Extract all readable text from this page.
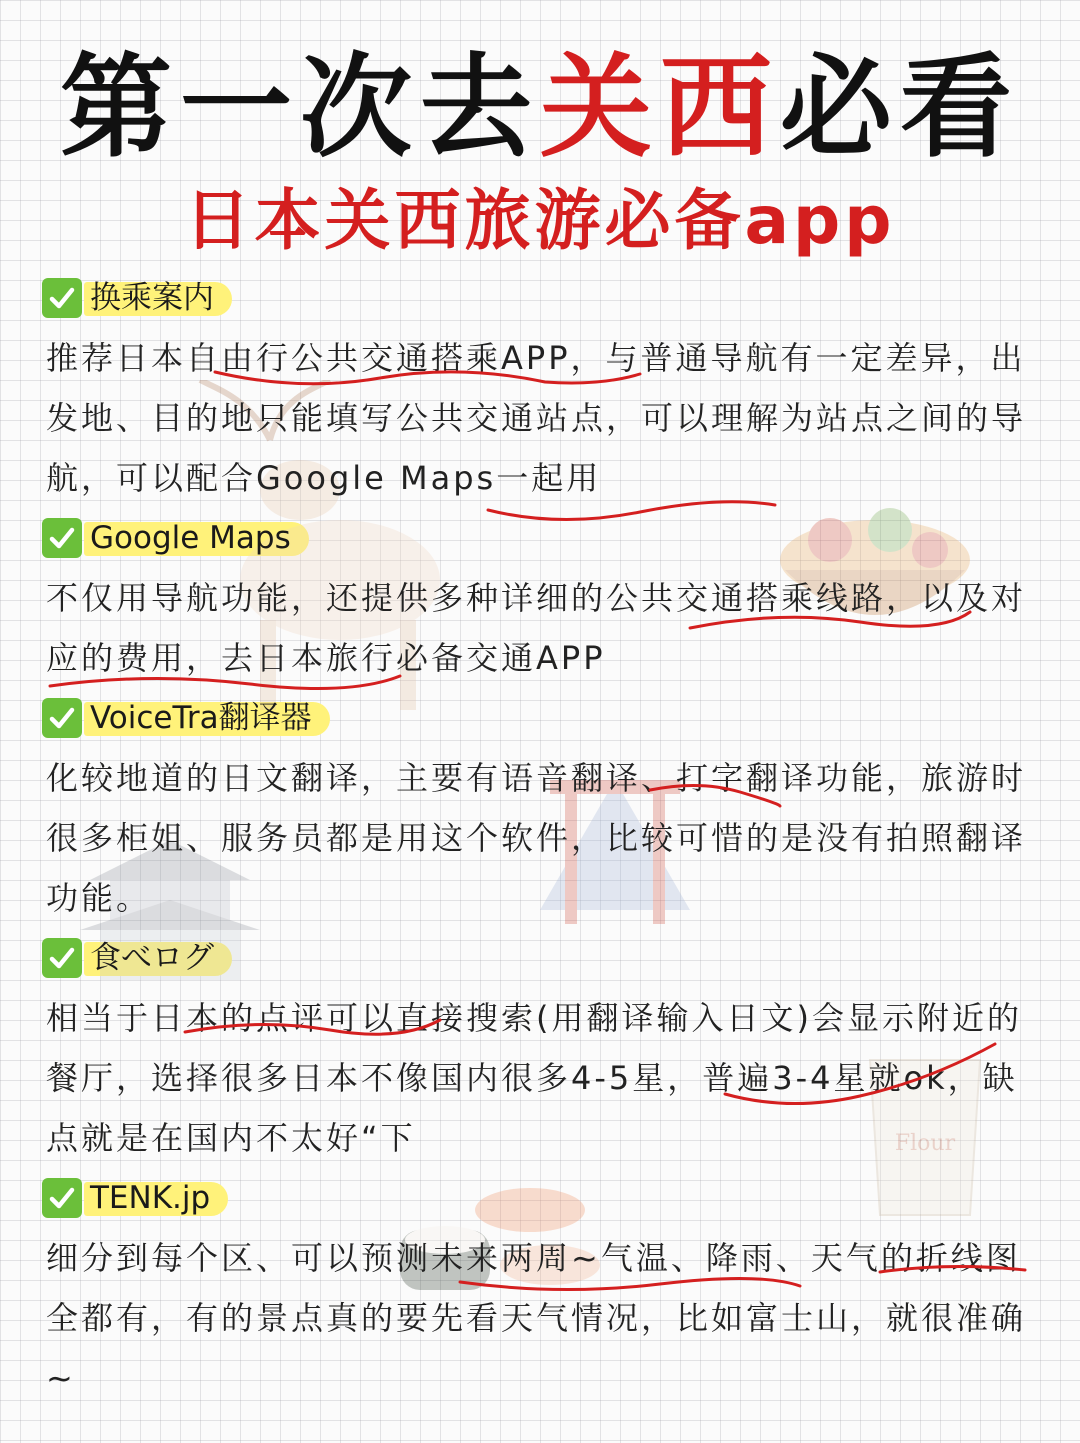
Flour
第一次去关西必看
日本关西旅游必备app
换乘案内

推荐日本自由行公共交通搭乘APP，与普通导航有一定差异，出发地、目的地只能填写公共交通站点，可以理解为站点之间的导航，可以配合Google Maps一起用

Google Maps

不仅用导航功能，还提供多种详细的公共交通搭乘线路，以及对应的费用，去日本旅行必备交通APP

VoiceTra翻译器

化较地道的日文翻译，主要有语音翻译、打字翻译功能，旅游时很多柜姐、服务员都是用这个软件，比较可惜的是没有拍照翻译功能。

食べログ

相当于日本的点评可以直接搜索(用翻译输入日文)会显示附近的餐厅，选择很多日本不像国内很多4-5星，普遍3-4星就ok，缺点就是在国内不太好“下

TENK.jp

细分到每个区、可以预测未来两周~气温、降雨、天气的折线图全都有，有的景点真的要先看天气情况，比如富士山，就很准确~
